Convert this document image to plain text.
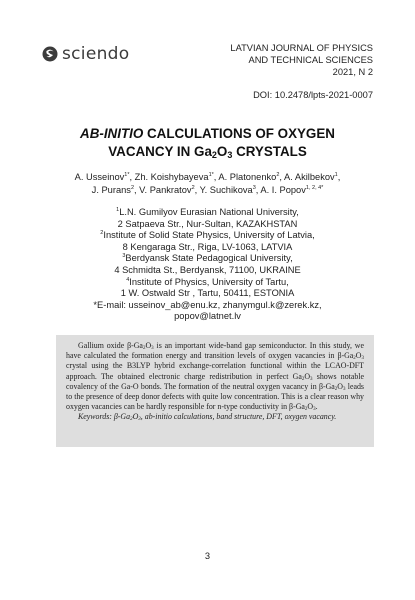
sciendo	LATVIAN JOURNAL OF PHYSICS
AND TECHNICAL SCIENCES
2021, N 2
DOI: 10.2478/lpts-2021-0007
AB-INITIO CALCULATIONS OF OXYGEN
VACANCY IN $Ga_2O_3$ CRYSTALS
A. Usseinov$^{1*}$, Zh. Koishybayeva$^{1*}$, A. Platonenko$^2$, A. Akilbekov$^1$,
J. Purans$^2$, V. Pankratov$^2$, Y. Suchikova$^3$, A. I. Popov$^{1, 2, 4*}$
$^1$L.N. Gumilyov Eurasian National University,
2 Satpaeva Str., Nur-Sultan, KAZAKHSTAN
$^2$Institute of Solid State Physics, University of Latvia,
8 Kengaraga Str., Riga, LV-1063, LATVIA
$^3$Berdyansk State Pedagogical University,
4 Schmidta St., Berdyansk, 71100, UKRAINE
$^4$Institute of Physics, University of Tartu,
1 W. Ostwald Str , Tartu, 50411, ESTONIA
*E-mail: usseinov_ab@enu.kz, zhanymgul.k@zerek.kz,
popov@latnet.lv

Gallium oxide $\beta-Ga_2O_3$ is an important wide-band gap semiconductor. In this study, we have calculated the formation energy and transition levels of oxygen vacancies in $\beta-Ga_2O_3$ crystal using the B3LYP hybrid exchange-correlation functional within the LCAO-DFT approach. The obtained electronic charge redistribution in perfect $Ga_2O_3$ shows notable covalency of the Ga-O bonds. The formation of the neutral oxygen vacancy in $\beta-Ga_2O_3$ leads to the presence of deep donor defects with quite low concentration. This is a clear reason why oxygen vacancies can be hardly responsible for n-type conductivity in $\beta-Ga_2O_3$.

Keywords: $\beta-Ga_2O_3$, ab-initio calculations, band structure, DFT, oxygen vacancy.

3
